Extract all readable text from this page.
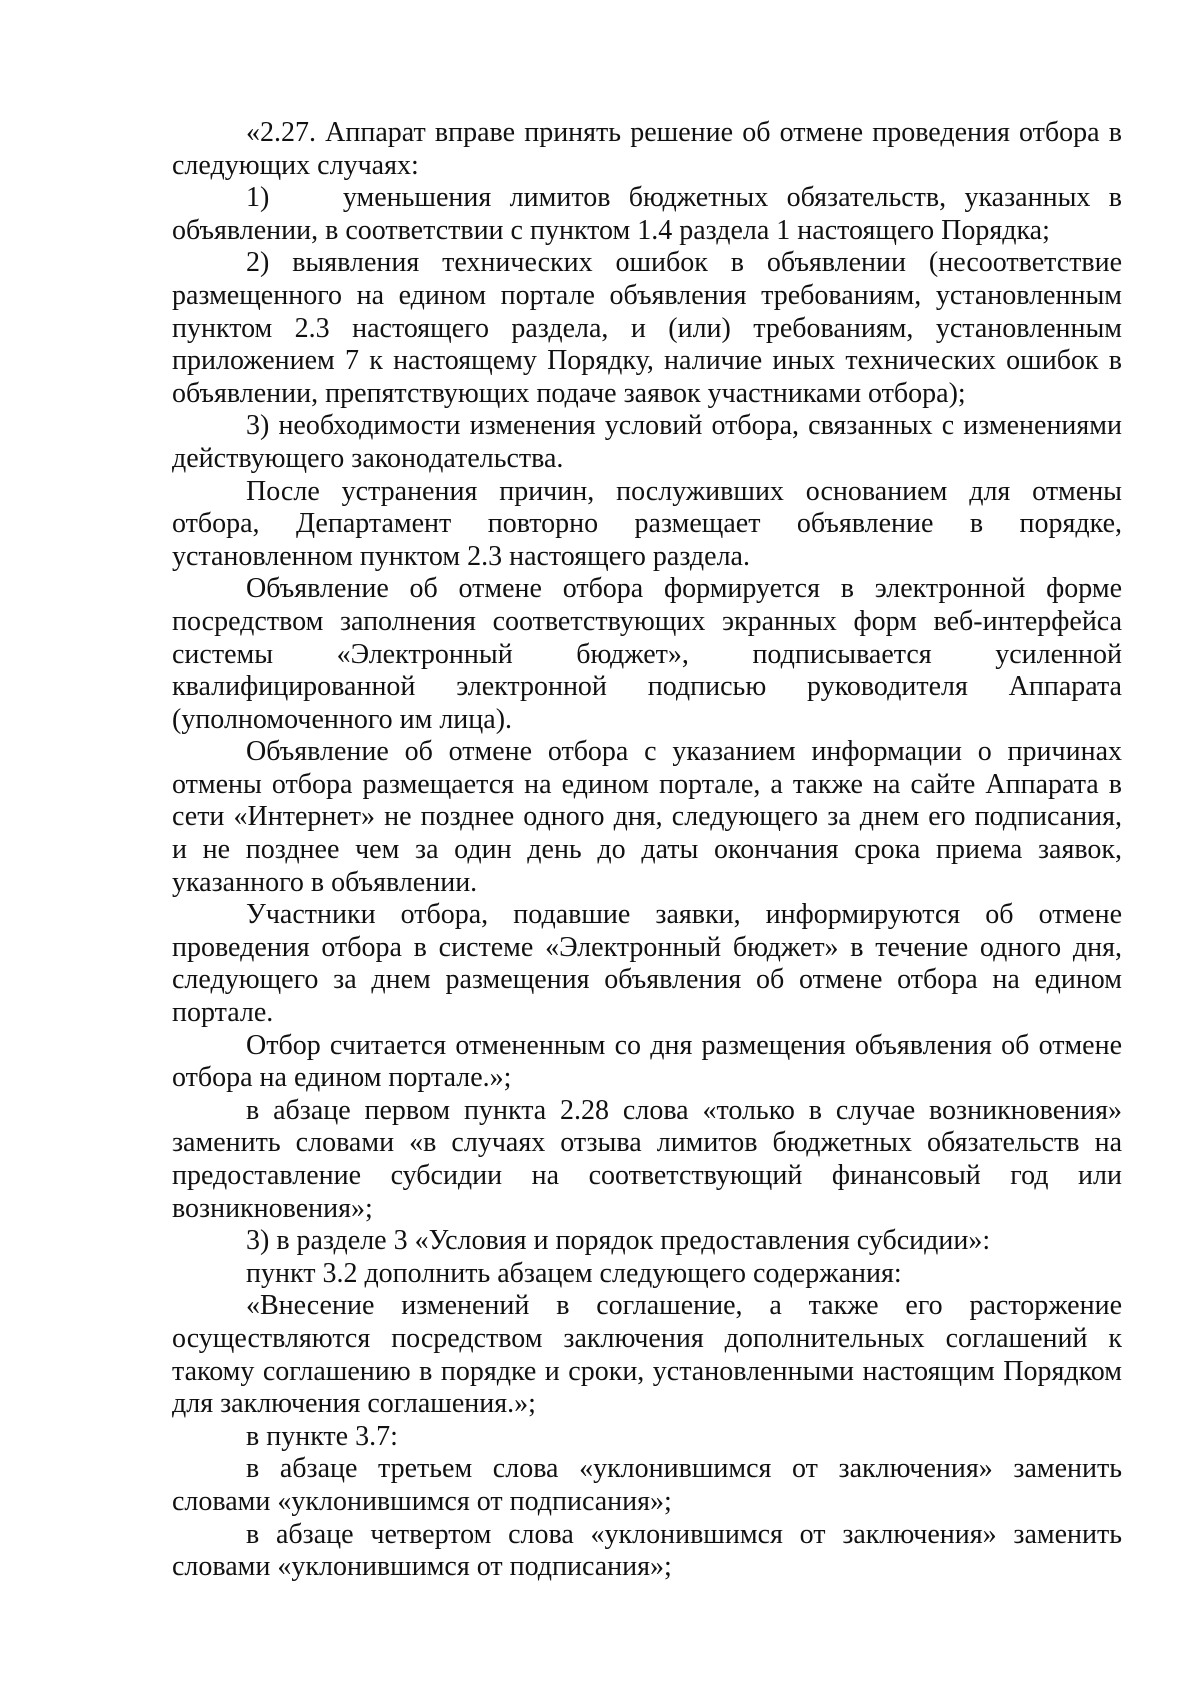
«2.27. Аппарат вправе принять решение об отмене проведения отбора в следующих случаях:

1)    уменьшения лимитов бюджетных обязательств, указанных в объявлении, в соответствии с пунктом 1.4 раздела 1 настоящего Порядка;

2) выявления технических ошибок в объявлении (несоответствие размещенного на едином портале объявления требованиям, установленным пунктом 2.3 настоящего раздела, и (или) требованиям, установленным приложением 7 к настоящему Порядку, наличие иных технических ошибок в объявлении, препятствующих подаче заявок участниками отбора);

3) необходимости изменения условий отбора, связанных с изменениями действующего законодательства.

После устранения причин, послуживших основанием для отмены отбора, Департамент повторно размещает объявление в порядке, установленном пунктом 2.3 настоящего раздела.

Объявление об отмене отбора формируется в электронной форме посредством заполнения соответствующих экранных форм веб-интерфейса системы «Электронный бюджет», подписывается усиленной квалифицированной электронной подписью руководителя Аппарата (уполномоченного им лица).

Объявление об отмене отбора с указанием информации о причинах отмены отбора размещается на едином портале, а также на сайте Аппарата в сети «Интернет» не позднее одного дня, следующего за днем его подписания, и не позднее чем за один день до даты окончания срока приема заявок, указанного в объявлении.

Участники отбора, подавшие заявки, информируются об отмене проведения отбора в системе «Электронный бюджет» в течение одного дня, следующего за днем размещения объявления об отмене отбора на едином портале.

Отбор считается отмененным со дня размещения объявления об отмене отбора на едином портале.»;

в абзаце первом пункта 2.28 слова «только в случае возникновения» заменить словами «в случаях отзыва лимитов бюджетных обязательств на предоставление субсидии на соответствующий финансовый год или возникновения»;

3) в разделе 3 «Условия и порядок предоставления субсидии»:

пункт 3.2 дополнить абзацем следующего содержания:

«Внесение изменений в соглашение, а также его расторжение осуществляются посредством заключения дополнительных соглашений к такому соглашению в порядке и сроки, установленными настоящим Порядком для заключения соглашения.»;

в пункте 3.7:

в абзаце третьем слова «уклонившимся от заключения» заменить словами «уклонившимся от подписания»;

в абзаце четвертом слова «уклонившимся от заключения» заменить словами «уклонившимся от подписания»;
